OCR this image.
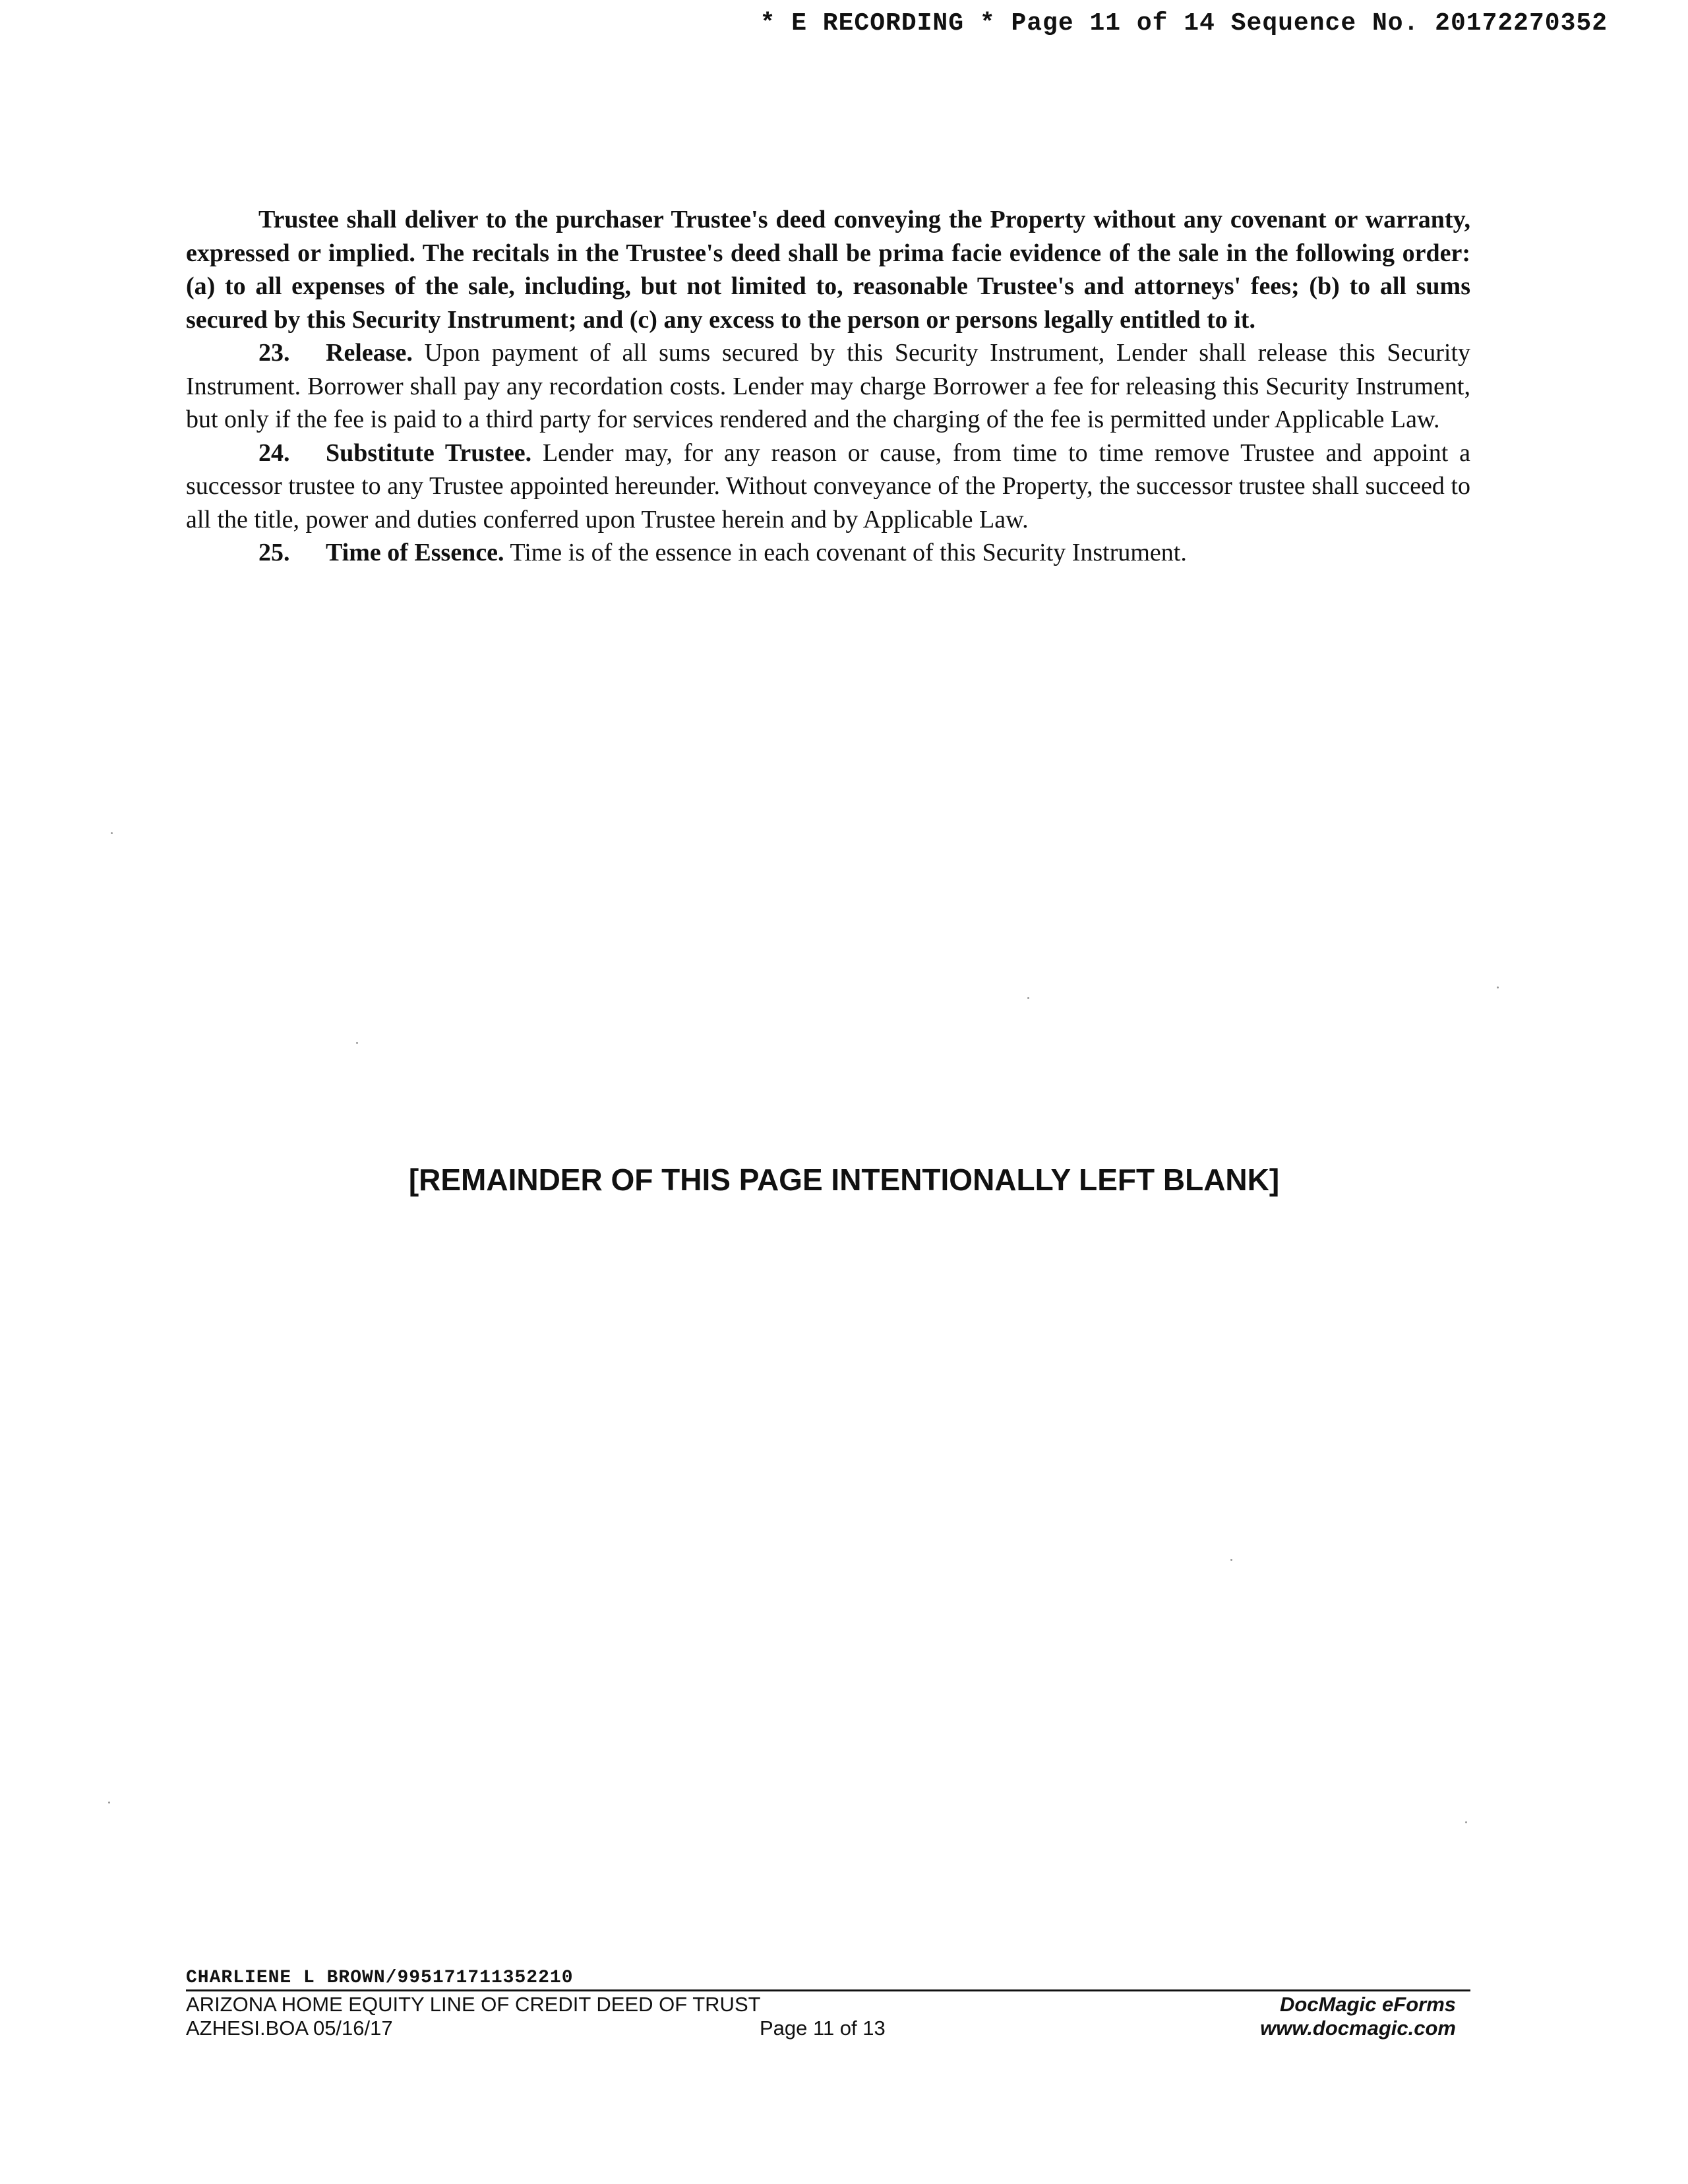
* E RECORDING * Page 11 of 14 Sequence No. 20172270352

Trustee shall deliver to the purchaser Trustee's deed conveying the Property without any covenant or warranty, expressed or implied. The recitals in the Trustee's deed shall be prima facie evidence of the sale in the following order: (a) to all expenses of the sale, including, but not limited to, reasonable Trustee's and attorneys' fees; (b) to all sums secured by this Security Instrument; and (c) any excess to the person or persons legally entitled to it.

23. Release. Upon payment of all sums secured by this Security Instrument, Lender shall release this Security Instrument. Borrower shall pay any recordation costs. Lender may charge Borrower a fee for releasing this Security Instrument, but only if the fee is paid to a third party for services rendered and the charging of the fee is permitted under Applicable Law.

24. Substitute Trustee. Lender may, for any reason or cause, from time to time remove Trustee and appoint a successor trustee to any Trustee appointed hereunder. Without conveyance of the Property, the successor trustee shall succeed to all the title, power and duties conferred upon Trustee herein and by Applicable Law.

25. Time of Essence. Time is of the essence in each covenant of this Security Instrument.

[REMAINDER OF THIS PAGE INTENTIONALLY LEFT BLANK]
CHARLIENE L BROWN/995171711352210
ARIZONA HOME EQUITY LINE OF CREDIT DEED OF TRUST	DocMagic eForms
AZHESI.BOA 05/16/17	Page 11 of 13	www.docmagic.com
